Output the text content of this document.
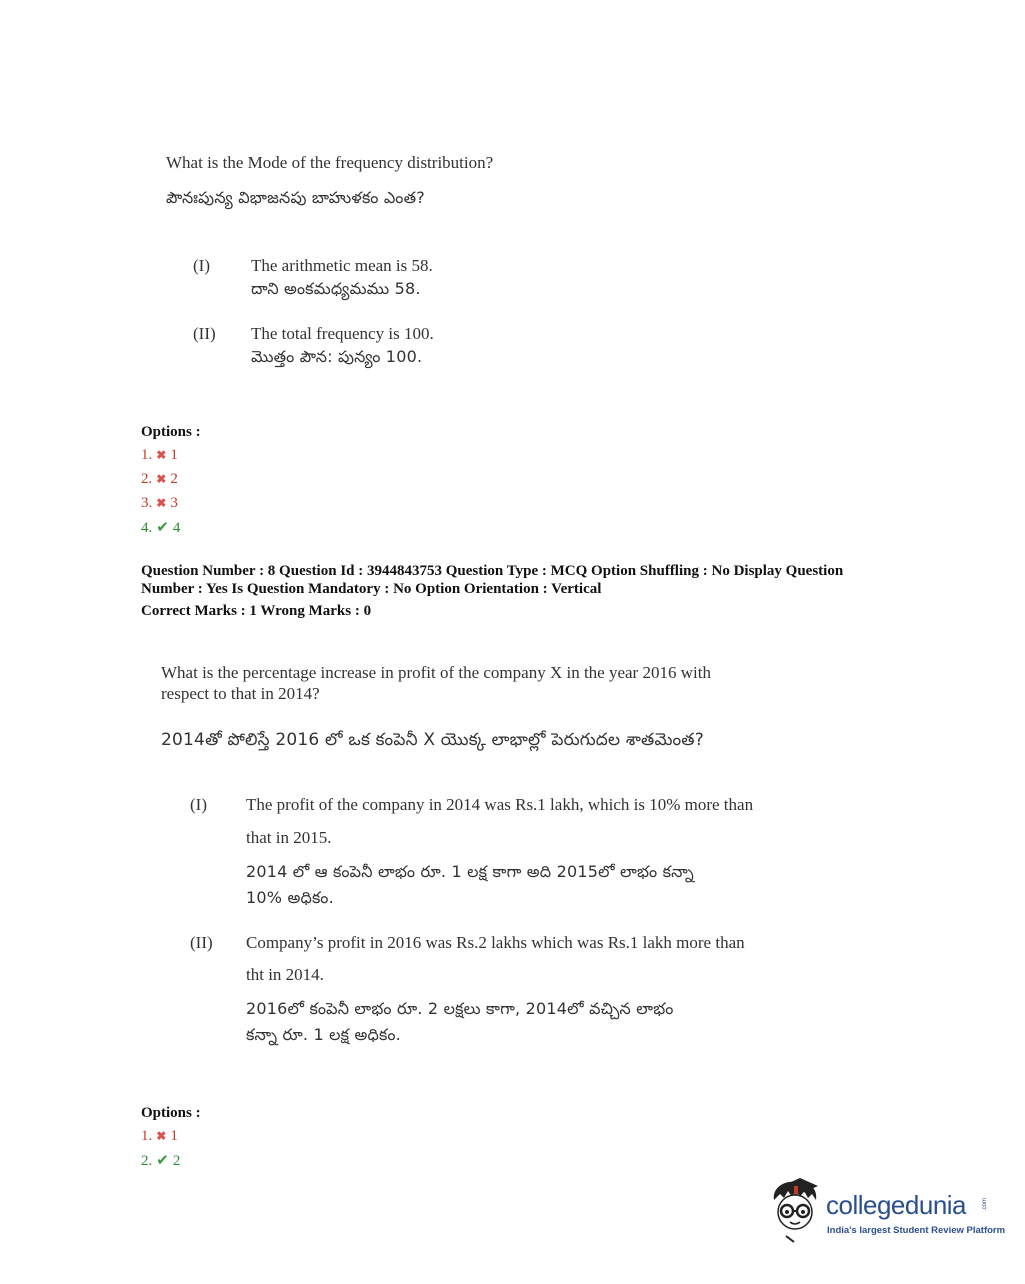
What is the Mode of the frequency distribution?
పౌనఃపున్య విభాజనపు బాహుళకం ఎంత?
(I) The arithmetic mean is 58.
దాని అంకమధ్యమము 58.
(II) The total frequency is 100.
మొత్తం పౌన: పున్యం 100.
Options :
1. ✖ 1
2. ✖ 2
3. ✖ 3
4. ✔ 4
Question Number : 8 Question Id : 3944843753 Question Type : MCQ Option Shuffling : No Display Question
Number : Yes Is Question Mandatory : No Option Orientation : Vertical
Correct Marks : 1 Wrong Marks : 0
What is the percentage increase in profit of the company X in the year 2016 with
respect to that in 2014?
2014తో పోలిస్తే 2016 లో ఒక కంపెనీ X యొక్క లాభాల్లో పెరుగుదల శాతమెంత?
(I) The profit of the company in 2014 was Rs.1 lakh, which is 10% more than
that in 2015.
2014 లో ఆ కంపెనీ లాభం రూ. 1 లక్ష కాగా అది 2015లో లాభం కన్నా
10% అధికం.
(II) Company’s profit in 2016 was Rs.2 lakhs which was Rs.1 lakh more than
tht in 2014.
2016లో కంపెనీ లాభం రూ. 2 లక్షలు కాగా, 2014లో వచ్చిన లాభం
కన్నా రూ. 1 లక్ష అధికం.
Options :
1. ✖ 1
2. ✔ 2
collegedunia	.com
India's largest Student Review Platform
